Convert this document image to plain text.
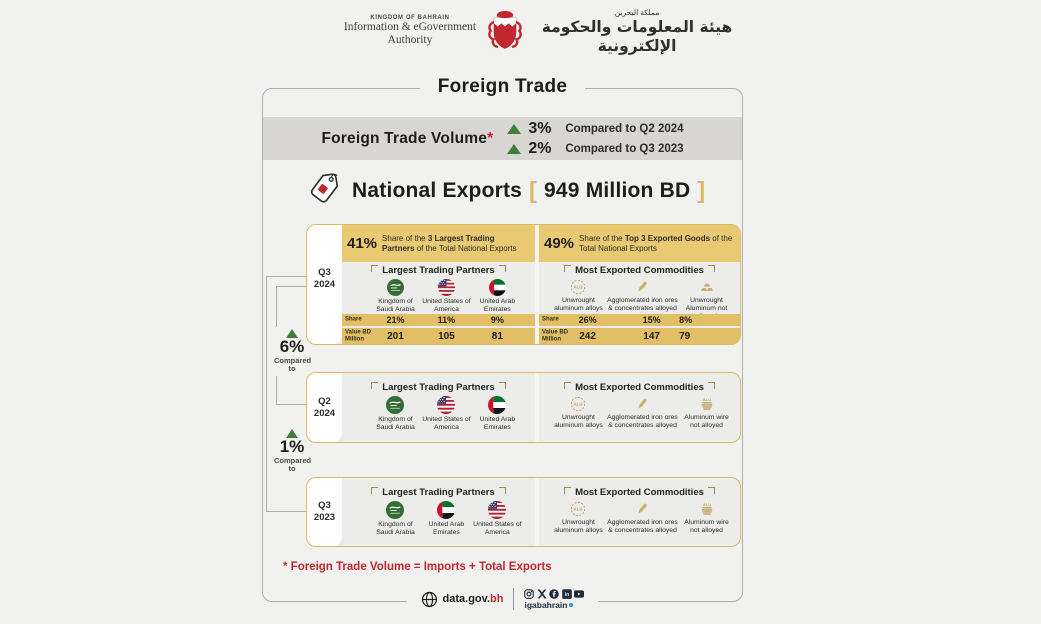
KINGDOM OF BAHRAIN
Information & eGovernment
Authority
مملكة البحرين
هيئة المعلومات والحكومة الإلكترونية
Foreign Trade
Foreign Trade Volume*
3%	Compared to Q2 2024
2%	Compared to Q3 2023
National Exports [ 949 Million BD ]
6%
Compared to
1%
Compared to
Q3
2024
41% Share of the 3 Largest Trading Partners of the Total National Exports	49% Share of the Top 3 Exported Goods of the Total National Exports

Largest Trading Partners
Kingdom of Saudi Arabia
United States of America
United Arab Emirates
Most Exported Commodities
Unwrought aluminum alloys
Agglomerated iron ores & concentrates alloyed
Unwrought Aluminum not
Share	21%	11%	9%	Share	26%	15%	8%
Value BD Million	201	105	81	Value BD Million	242	147	79
Q2
2024
Largest Trading Partners
Kingdom of Saudi Arabia
United States of America
United Arab Emirates
Most Exported Commodities
Unwrought aluminum alloys
Agglomerated iron ores & concentrates alloyed
Aluminum wire not alloyed
Q3
2023
Largest Trading Partners
Kingdom of Saudi Arabia
United Arab Emirates
United States of America
Most Exported Commodities
Unwrought aluminum alloys
Agglomerated iron ores & concentrates alloyed
Aluminum wire not alloyed
* Foreign Trade Volume = Imports + Total Exports
data.gov.bh	in
igabahrain
